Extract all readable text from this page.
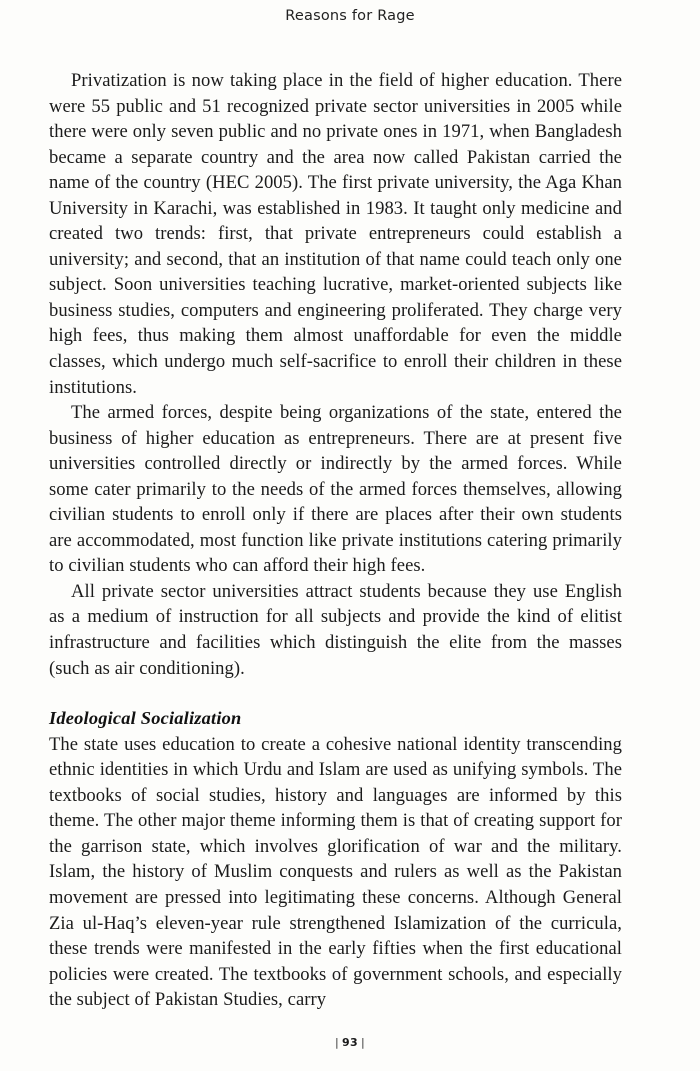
Reasons for Rage

Privatization is now taking place in the field of higher education. There were 55 public and 51 recognized private sector universities in 2005 while there were only seven public and no private ones in 1971, when Bangladesh became a separate country and the area now called Pakistan carried the name of the country (HEC 2005). The first private university, the Aga Khan University in Karachi, was established in 1983. It taught only medicine and created two trends: first, that private entrepreneurs could establish a university; and second, that an institution of that name could teach only one subject. Soon universities teaching lucrative, market-oriented subjects like business studies, computers and engineering proliferated. They charge very high fees, thus making them almost unaffordable for even the middle classes, which undergo much self-sacrifice to enroll their children in these institutions.

The armed forces, despite being organizations of the state, entered the business of higher education as entrepreneurs. There are at present five universities controlled directly or indirectly by the armed forces. While some cater primarily to the needs of the armed forces themselves, allowing civilian students to enroll only if there are places after their own students are accommodated, most function like private institutions catering primarily to civilian students who can afford their high fees.

All private sector universities attract students because they use English as a medium of instruction for all subjects and provide the kind of elitist infrastructure and facilities which distinguish the elite from the masses (such as air conditioning).

Ideological Socialization

The state uses education to create a cohesive national identity transcending ethnic identities in which Urdu and Islam are used as unifying symbols. The textbooks of social studies, history and languages are informed by this theme. The other major theme informing them is that of creating support for the garrison state, which involves glorification of war and the military. Islam, the history of Muslim conquests and rulers as well as the Pakistan movement are pressed into legitimating these concerns. Although General Zia ul-Haq’s eleven-year rule strengthened Islamization of the curricula, these trends were manifested in the early fifties when the first educational policies were created. The textbooks of government schools, and especially the subject of Pakistan Studies, carry

| 93 |
